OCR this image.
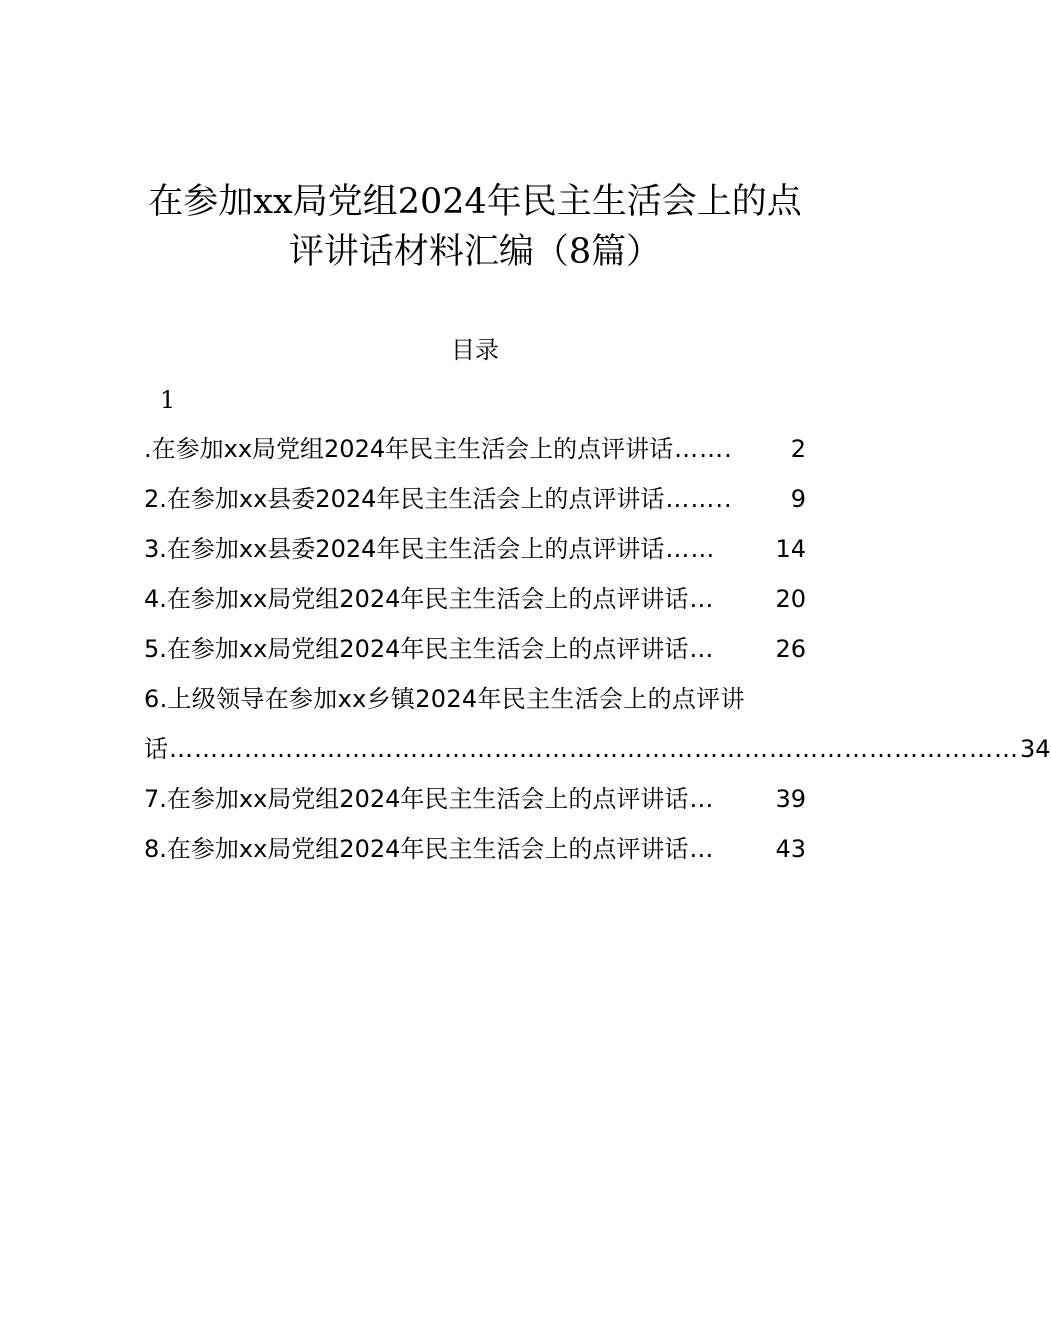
在参加xx局党组2024年民主生活会上的点
评讲话材料汇编（8篇）
目录
1
.在参加xx局党组2024年民主生活会上的点评讲话 …….	2
2.在参加xx县委2024年民主生活会上的点评讲话 ……..	9
3.在参加xx县委2024年民主生活会上的点评讲话 ……	14
4.在参加xx局党组2024年民主生活会上的点评讲话 …	20
5.在参加xx局党组2024年民主生活会上的点评讲话 …	26
6.上级领导在参加xx乡镇2024年民主生活会上的点评讲
话 ………………………………………………………………………………………… 34
7.在参加xx局党组2024年民主生活会上的点评讲话 …	39
8.在参加xx局党组2024年民主生活会上的点评讲话 …	43
